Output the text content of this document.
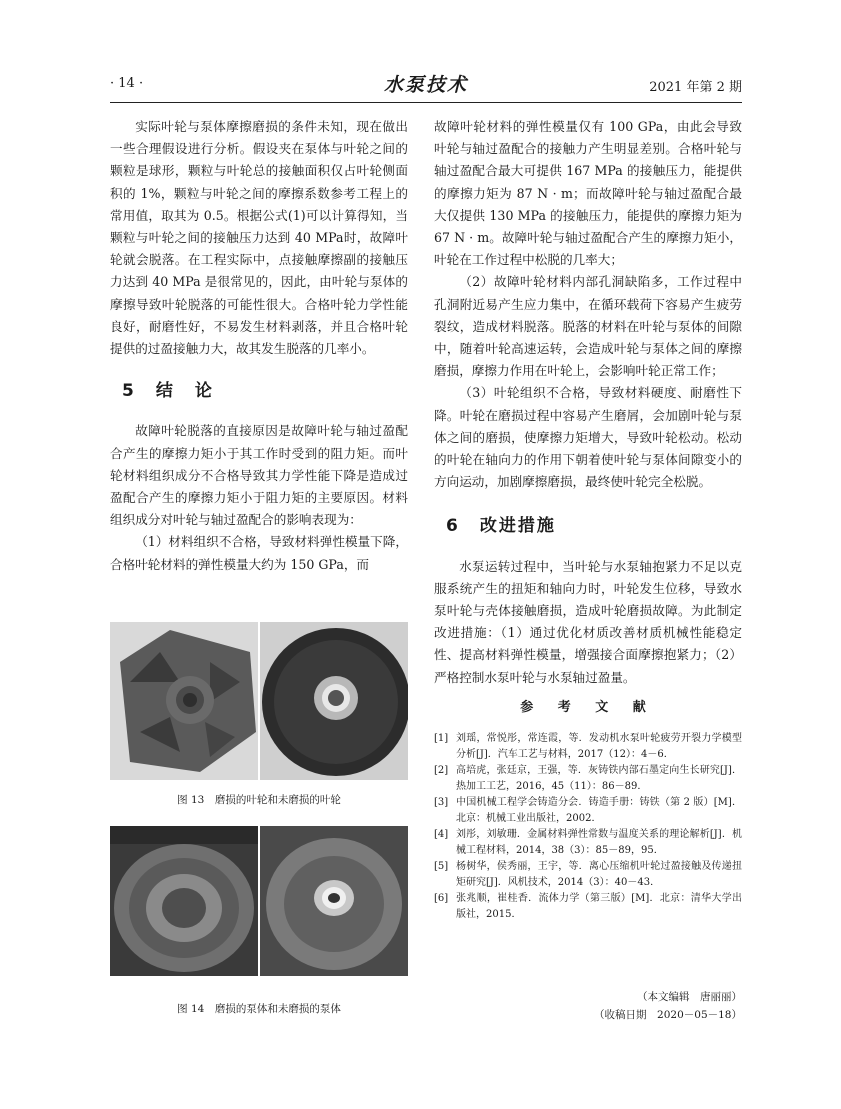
· 14 ·	水泵技术	2021 年第 2 期

实际叶轮与泵体摩擦磨损的条件未知，现在做出一些合理假设进行分析。假设夹在泵体与叶轮之间的颗粒是球形，颗粒与叶轮总的接触面积仅占叶轮侧面积的 1%，颗粒与叶轮之间的摩擦系数参考工程上的常用值，取其为 0.5。根据公式(1)可以计算得知，当颗粒与叶轮之间的接触压力达到 40 MPa时，故障叶轮就会脱落。在工程实际中，点接触摩擦副的接触压力达到 40 MPa 是很常见的，因此，由叶轮与泵体的摩擦导致叶轮脱落的可能性很大。合格叶轮力学性能良好，耐磨性好，不易发生材料剥落，并且合格叶轮提供的过盈接触力大，故其发生脱落的几率小。

5 结 论

故障叶轮脱落的直接原因是故障叶轮与轴过盈配合产生的摩擦力矩小于其工作时受到的阻力矩。而叶轮材料组织成分不合格导致其力学性能下降是造成过盈配合产生的摩擦力矩小于阻力矩的主要原因。材料组织成分对叶轮与轴过盈配合的影响表现为：

（1）材料组织不合格，导致材料弹性模量下降，合格叶轮材料的弹性模量大约为 150 GPa，而

图 13　磨损的叶轮和未磨损的叶轮
图 14　磨损的泵体和未磨损的泵体

故障叶轮材料的弹性模量仅有 100 GPa，由此会导致叶轮与轴过盈配合的接触力产生明显差别。合格叶轮与轴过盈配合最大可提供 167 MPa 的接触压力，能提供的摩擦力矩为 87 N · m；而故障叶轮与轴过盈配合最大仅提供 130 MPa 的接触压力，能提供的摩擦力矩为 67 N · m。故障叶轮与轴过盈配合产生的摩擦力矩小，叶轮在工作过程中松脱的几率大；

（2）故障叶轮材料内部孔洞缺陷多，工作过程中孔洞附近易产生应力集中，在循环载荷下容易产生疲劳裂纹，造成材料脱落。脱落的材料在叶轮与泵体的间隙中，随着叶轮高速运转，会造成叶轮与泵体之间的摩擦磨损，摩擦力作用在叶轮上，会影响叶轮正常工作；

（3）叶轮组织不合格，导致材料硬度、耐磨性下降。叶轮在磨损过程中容易产生磨屑，会加剧叶轮与泵体之间的磨损，使摩擦力矩增大，导致叶轮松动。松动的叶轮在轴向力的作用下朝着使叶轮与泵体间隙变小的方向运动，加剧摩擦磨损，最终使叶轮完全松脱。

6 改进措施

水泵运转过程中，当叶轮与水泵轴抱紧力不足以克服系统产生的扭矩和轴向力时，叶轮发生位移，导致水泵叶轮与壳体接触磨损，造成叶轮磨损故障。为此制定改进措施：（1）通过优化材质改善材质机械性能稳定性、提高材料弹性模量，增强接合面摩擦抱紧力；（2）严格控制水泵叶轮与水泵轴过盈量。

参 考 文 献
[1] 刘瑶，常悦彤，常连霞，等．发动机水泵叶轮疲劳开裂力学模型分析[J]．汽车工艺与材料，2017（12）：4－6．
[2] 高培虎，张廷京，王强，等．灰铸铁内部石墨定向生长研究[J]．热加工工艺，2016，45（11）：86－89．
[3] 中国机械工程学会铸造分会．铸造手册：铸铁（第 2 版）[M]．北京：机械工业出版社，2002．
[4] 刘彤，刘敏珊．金属材料弹性常数与温度关系的理论解析[J]．机械工程材料，2014，38（3）：85－89，95．
[5] 杨树华，侯秀丽，王宇，等．离心压缩机叶轮过盈接触及传递扭矩研究[J]．风机技术，2014（3）：40－43．
[6] 张兆顺，崔桂香．流体力学（第三版）[M]．北京：清华大学出版社，2015．
（本文编辑　唐丽丽）
（收稿日期　2020－05－18）
